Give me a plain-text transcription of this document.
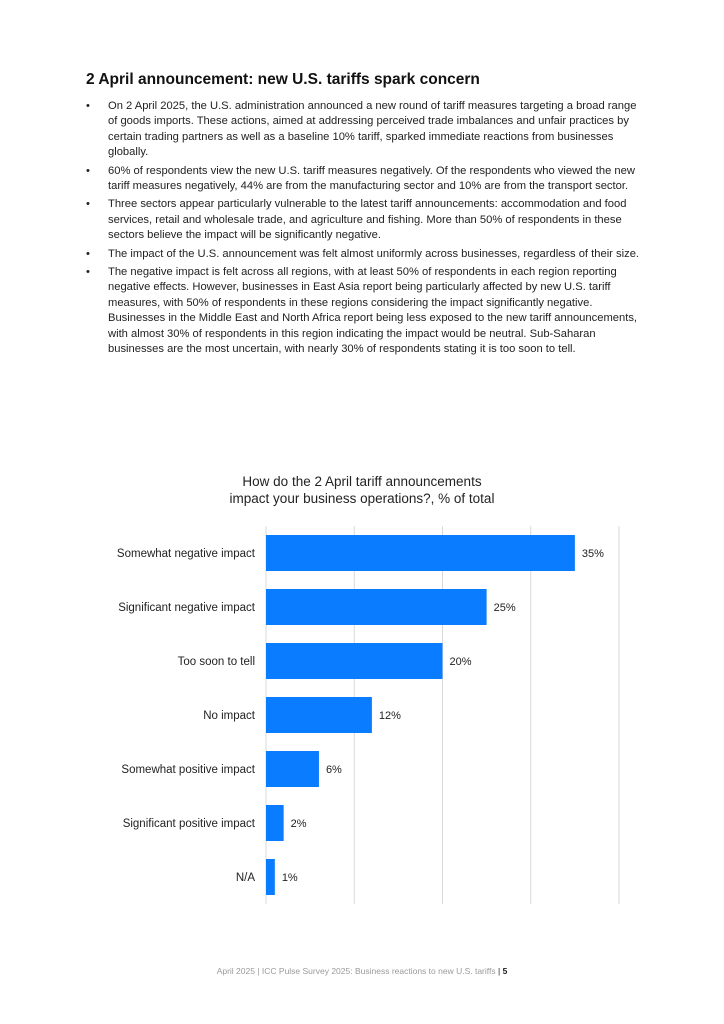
2 April announcement: new U.S. tariffs spark concern
• On 2 April 2025, the U.S. administration announced a new round of tariff measures targeting a broad range of goods imports. These actions, aimed at addressing perceived trade imbalances and unfair practices by certain trading partners as well as a baseline 10% tariff, sparked immediate reactions from businesses globally.
• 60% of respondents view the new U.S. tariff measures negatively. Of the respondents who viewed the new tariff measures negatively, 44% are from the manufacturing sector and 10% are from the transport sector.
• Three sectors appear particularly vulnerable to the latest tariff announcements: accommodation and food services, retail and wholesale trade, and agriculture and fishing. More than 50% of respondents in these sectors believe the impact will be significantly negative.
• The impact of the U.S. announcement was felt almost uniformly across businesses, regardless of their size.
• The negative impact is felt across all regions, with at least 50% of respondents in each region reporting negative effects. However, businesses in East Asia report being particularly affected by new U.S. tariff measures, with 50% of respondents in these regions considering the impact significantly negative. Businesses in the Middle East and North Africa report being less exposed to the new tariff announcements, with almost 30% of respondents in this region indicating the impact would be neutral. Sub-Saharan businesses are the most uncertain, with nearly 30% of respondents stating it is too soon to tell.
How do the 2 April tariff announcements
impact your business operations?, % of total
Somewhat negative impact	35%
Significant negative impact	25%
Too soon to tell	20%
No impact	12%
Somewhat positive impact	6%
Significant positive impact	2%
N/A 1%
April 2025 | ICC Pulse Survey 2025: Business reactions to new U.S. tariffs | 5
